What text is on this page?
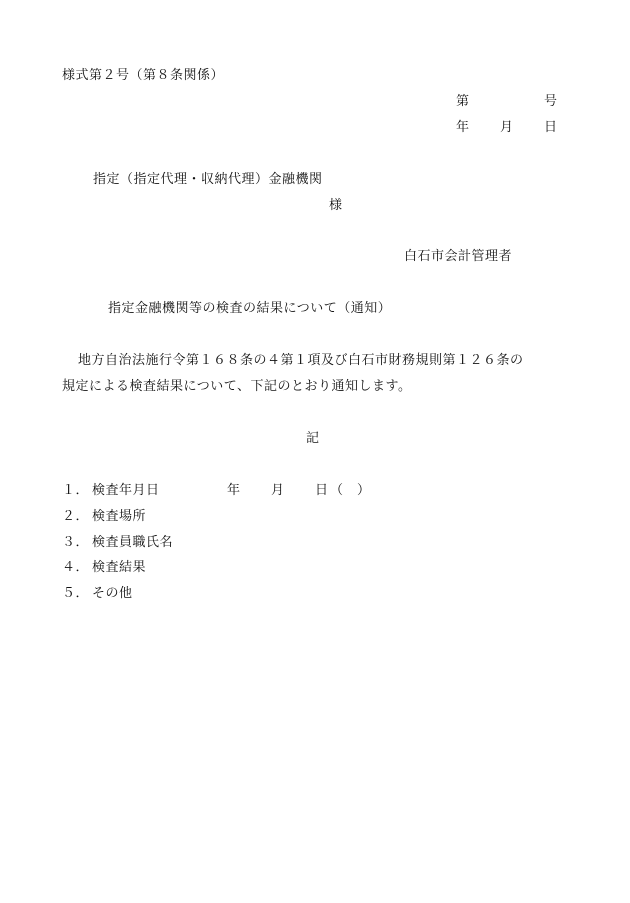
様式第２号（第８条関係）
第	号
年 月 日
指定（指定代理・収納代理）金融機関
様
白石市会計管理者
指定金融機関等の検査の結果について（通知）
地方自治法施行令第１６８条の４第１項及び白石市財務規則第１２６条の
規定による検査結果について、下記のとおり通知します。
記
１． 検査年月日	年 月 日 （　）
２． 検査場所
３． 検査員職氏名
４． 検査結果
５． その他
